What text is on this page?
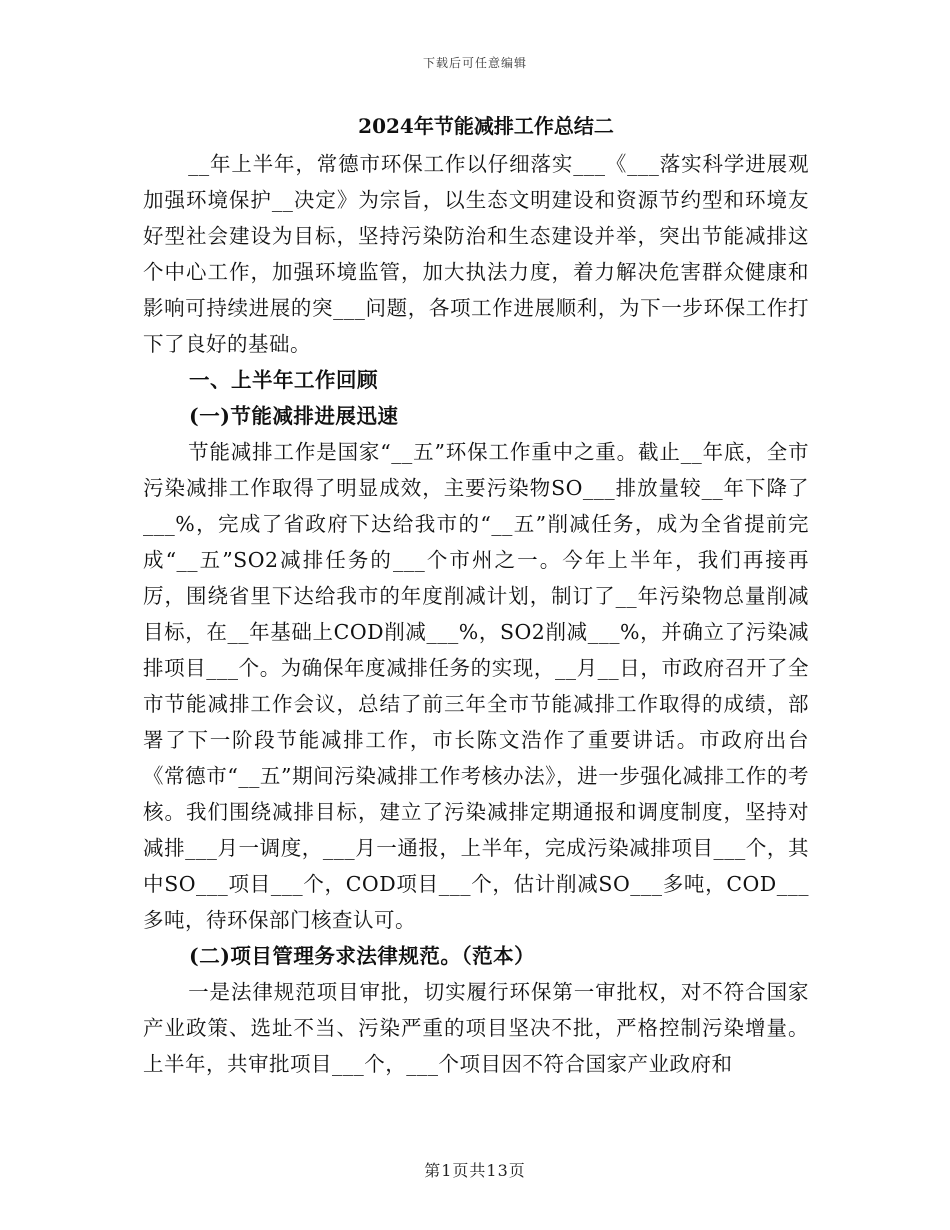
下载后可任意编辑
2024年节能减排工作总结二

__年上半年，常德市环保工作以仔细落实___《___落实科学进展观加强环境保护__决定》为宗旨，以生态文明建设和资源节约型和环境友好型社会建设为目标，坚持污染防治和生态建设并举，突出节能减排这个中心工作，加强环境监管，加大执法力度，着力解决危害群众健康和影响可持续进展的突___问题，各项工作进展顺利，为下一步环保工作打下了良好的基础。

一、上半年工作回顾

(一)节能减排进展迅速

节能减排工作是国家“__五”环保工作重中之重。截止__年底，全市污染减排工作取得了明显成效，主要污染物SO___排放量较__年下降了___%，完成了省政府下达给我市的“__五”削减任务，成为全省提前完成“__五”SO2减排任务的___个市州之一。今年上半年，我们再接再厉，围绕省里下达给我市的年度削减计划，制订了__年污染物总量削减目标，在__年基础上COD削减___%，SO2削减___%，并确立了污染减排项目___个。为确保年度减排任务的实现，__月__日，市政府召开了全市节能减排工作会议，总结了前三年全市节能减排工作取得的成绩，部署了下一阶段节能减排工作，市长陈文浩作了重要讲话。市政府出台《常德市“__五”期间污染减排工作考核办法》，进一步强化减排工作的考核。我们围绕减排目标，建立了污染减排定期通报和调度制度，坚持对减排___月一调度，___月一通报，上半年，完成污染减排项目___个，其中SO___项目___个，COD项目___个，估计削减SO___多吨，COD___多吨，待环保部门核查认可。

(二)项目管理务求法律规范。（范本）

一是法律规范项目审批，切实履行环保第一审批权，对不符合国家产业政策、选址不当、污染严重的项目坚决不批，严格控制污染增量。上半年，共审批项目___个，___个项目因不符合国家产业政府和

第1页共13页
